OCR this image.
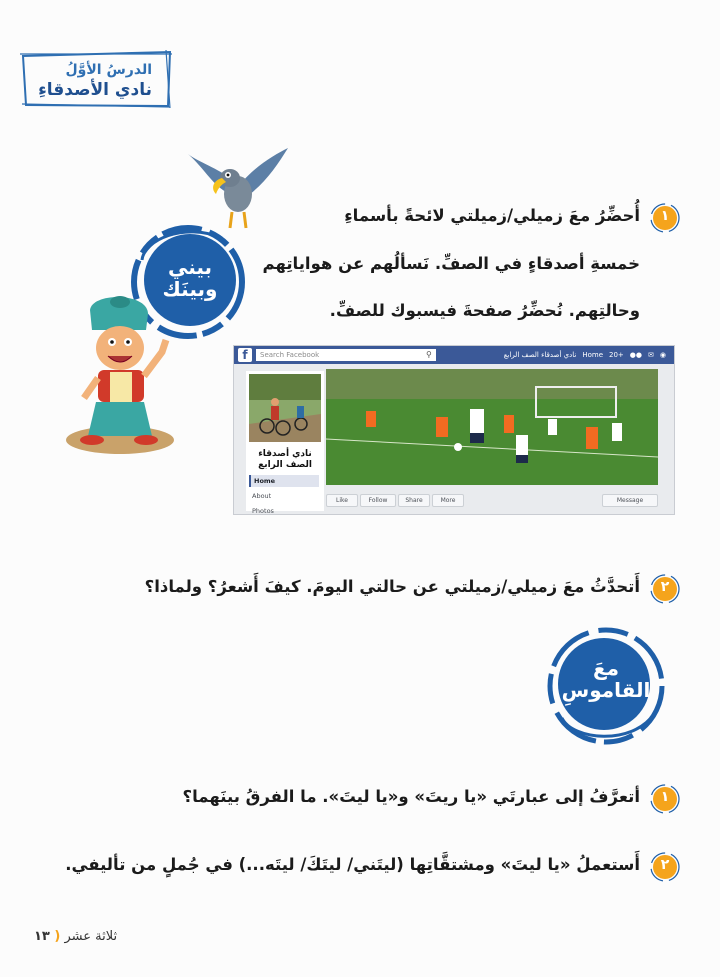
الدرسُ الأوَّلُ
نادي الأصدقاءِ
بيني
وبينَك
١
أُحضِّرُ معَ زميلي/زميلتي لائحةً بأسماءِ
خمسةِ أصدقاءٍ في الصفِّ. نَسألُهم عن هواياتِهم
وحالتِهم. نُحضِّرُ صفحةَ فيسبوك للصفِّ.
f	Search Facebook	⚲	نادي أصدقاء الصف الرابع Home 20+ ●● ✉ ◉
نادي أصدقاء
الصف الرابع
Home
About
Photos
Like	Follow	Share	More	Message
٢
أَتحدَّثُ معَ زميلي/زميلتي عن حالتي اليومَ. كيفَ أَشعرُ؟ ولماذا؟
معَ
القاموسِ
١
أتعرَّفُ إلى عبارتَي «يا ريتَ» و«يا ليتَ». ما الفرقُ بينَهما؟
٢
أَستعملُ «يا ليتَ» ومشتقَّاتِها (ليتَني/ ليتَكَ/ ليتَه...) في جُملٍ من تأليفي.
ثلاثة عشر ( ١٣
